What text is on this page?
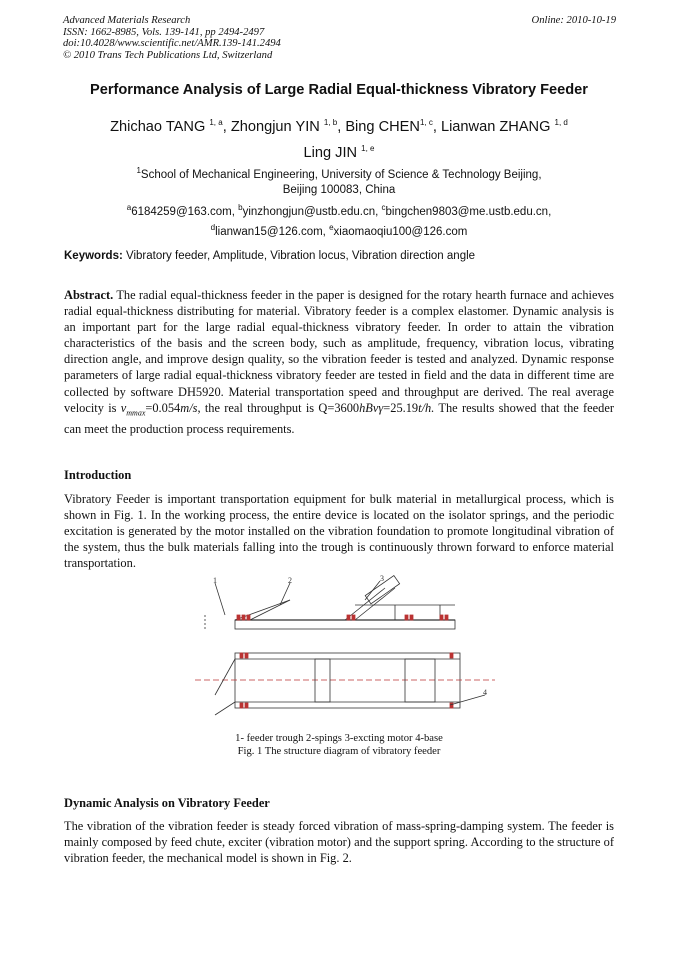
Advanced Materials Research
ISSN: 1662-8985, Vols. 139-141, pp 2494-2497
doi:10.4028/www.scientific.net/AMR.139-141.2494
© 2010 Trans Tech Publications Ltd, Switzerland
Online: 2010-10-19
Performance Analysis of Large Radial Equal-thickness Vibratory Feeder
Zhichao TANG $^{1, a}$, Zhongjun YIN $^{1, b}$, Bing CHEN$^{1, c}$, Lianwan ZHANG $^{1, d}$
Ling JIN $^{1, e}$
$^1$School of Mechanical Engineering, University of Science & Technology Beijing,
Beijing 100083, China
$^a$6184259@163.com, $^b$yinzhongjun@ustb.edu.cn, $^c$bingchen9803@me.ustb.edu.cn,
$^d$lianwan15@126.com, $^e$xiaomaoqiu100@126.com
Keywords: Vibratory feeder, Amplitude, Vibration locus, Vibration direction angle
Abstract. The radial equal-thickness feeder in the paper is designed for the rotary hearth furnace and achieves radial equal-thickness distributing for material. Vibratory feeder is a complex elastomer. Dynamic analysis is an important part for the large radial equal-thickness vibratory feeder. In order to attain the vibration characteristics of the basis and the screen body, such as amplitude, frequency, vibration locus, vibrating direction angle, and improve design quality, so the vibration feeder is tested and analyzed. Dynamic response parameters of large radial equal-thickness vibratory feeder are tested in field and the data in different time are collected by software DH5920. Material transportation speed and throughput are derived. The real average velocity is $v_{mmax}=0.054m/s$, the real throughput is Q=3600hBvγ=25.19t/h. The results showed that the feeder can meet the production process requirements.
Introduction
Vibratory Feeder is important transportation equipment for bulk material in metallurgical process, which is shown in Fig. 1. In the working process, the entire device is located on the isolator springs, and the periodic excitation is generated by the motor installed on the vibration foundation to promote longitudinal vibration of the system, thus the bulk materials falling into the trough is continuously thrown forward to enforce material transportation.
1	2	3
4
1- feeder trough 2-spings 3-excting motor 4-base
Fig. 1 The structure diagram of vibratory feeder
Dynamic Analysis on Vibratory Feeder
The vibration of the vibration feeder is steady forced vibration of mass-spring-damping system. The feeder is mainly composed by feed chute, exciter (vibration motor) and the support spring. According to the structure of vibration feeder, the mechanical model is shown in Fig. 2.
